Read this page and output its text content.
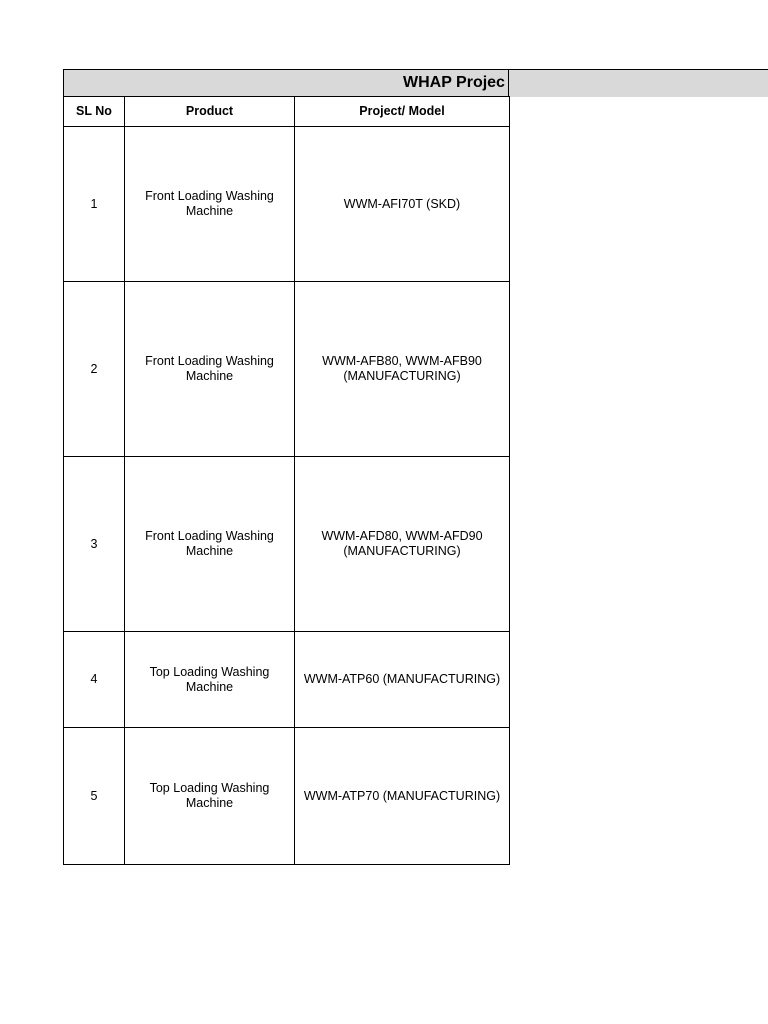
WHAP Projec
SL No	Product	Project/ Model
1	Front Loading Washing Machine	WWM-AFI70T (SKD)
2	Front Loading Washing Machine	WWM-AFB80, WWM-AFB90 (MANUFACTURING)
3	Front Loading Washing Machine	WWM-AFD80, WWM-AFD90 (MANUFACTURING)
4	Top Loading Washing Machine	WWM-ATP60 (MANUFACTURING)
5	Top Loading Washing Machine	WWM-ATP70 (MANUFACTURING)
